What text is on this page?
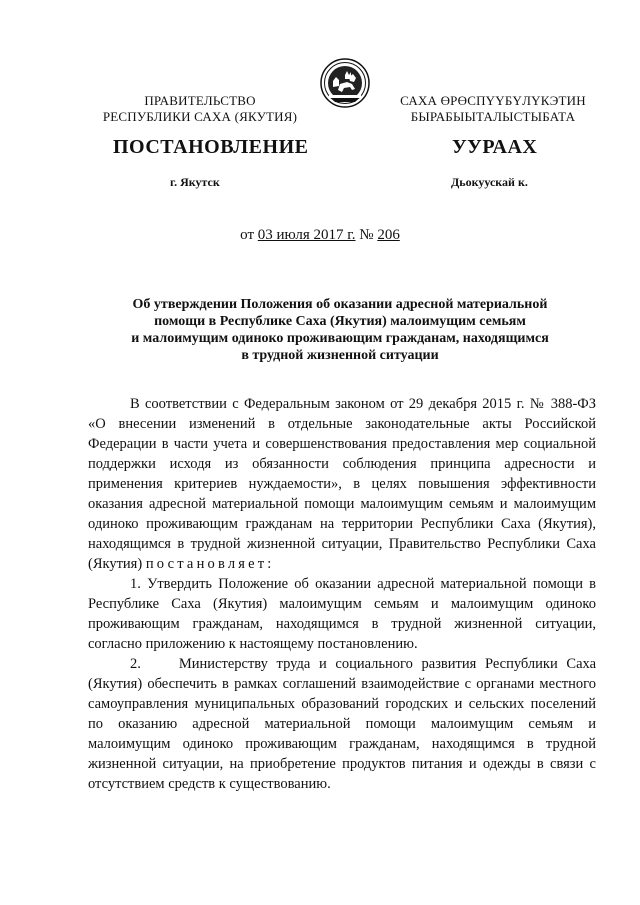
ПРАВИТЕЛЬСТВО
РЕСПУБЛИКИ САХА (ЯКУТИЯ)
САХА ӨРӨСПҮҮБҮЛҮКЭТИН
БЫРАБЫЫТАЛЫСТЫБАТА
ПОСТАНОВЛЕНИЕ	УУРААХ
г. Якутск	Дьокуускай к.
от 03 июля 2017 г. № 206
Об утверждении Положения об оказании адресной материальной
помощи в Республике Саха (Якутия) малоимущим семьям
и малоимущим одиноко проживающим гражданам, находящимся
в трудной жизненной ситуации

В соответствии с Федеральным законом от 29 декабря 2015 г. № 388-ФЗ «О внесении изменений в отдельные законодательные акты Российской Федерации в части учета и совершенствования предоставления мер социальной поддержки исходя из обязанности соблюдения принципа адресности и применения критериев нуждаемости», в целях повышения эффективности оказания адресной материальной помощи малоимущим семьям и малоимущим одиноко проживающим гражданам на территории Республики Саха (Якутия), находящимся в трудной жизненной ситуации, Правительство Республики Саха (Якутия) постановляет:

1. Утвердить Положение об оказании адресной материальной помощи в Республике Саха (Якутия) малоимущим семьям и малоимущим одиноко проживающим гражданам, находящимся в трудной жизненной ситуации, согласно приложению к настоящему постановлению.

2.	Министерству труда и социального развития Республики Саха (Якутия) обеспечить в рамках соглашений взаимодействие с органами местного самоуправления муниципальных образований городских и сельских поселений по оказанию адресной материальной помощи малоимущим семьям и малоимущим одиноко проживающим гражданам, находящимся в трудной жизненной ситуации, на приобретение продуктов питания и одежды в связи с отсутствием средств к существованию.
